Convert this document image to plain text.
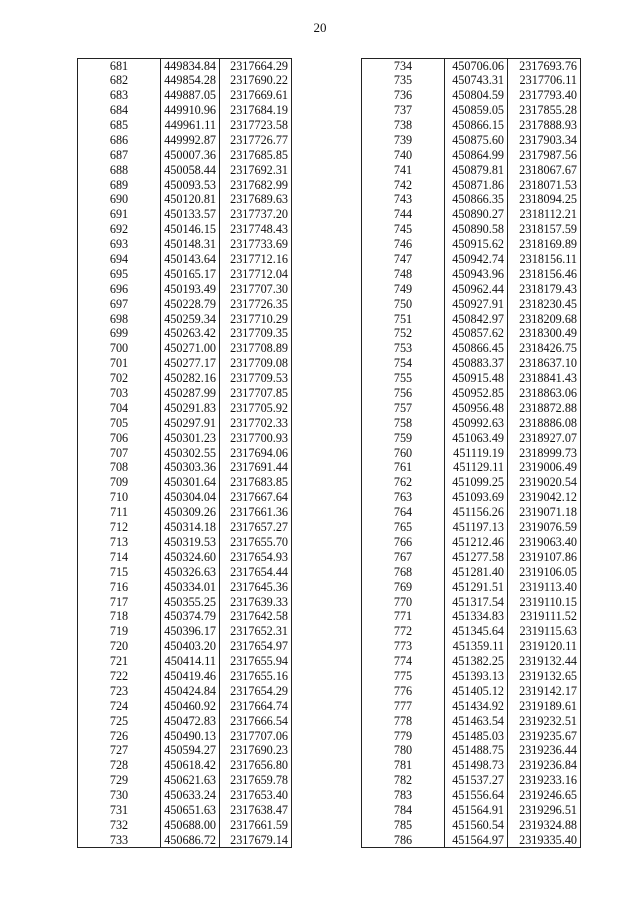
20
681	449834.84	2317664.29
682	449854.28	2317690.22
683	449887.05	2317669.61
684	449910.96	2317684.19
685	449961.11	2317723.58
686	449992.87	2317726.77
687	450007.36	2317685.85
688	450058.44	2317692.31
689	450093.53	2317682.99
690	450120.81	2317689.63
691	450133.57	2317737.20
692	450146.15	2317748.43
693	450148.31	2317733.69
694	450143.64	2317712.16
695	450165.17	2317712.04
696	450193.49	2317707.30
697	450228.79	2317726.35
698	450259.34	2317710.29
699	450263.42	2317709.35
700	450271.00	2317708.89
701	450277.17	2317709.08
702	450282.16	2317709.53
703	450287.99	2317707.85
704	450291.83	2317705.92
705	450297.91	2317702.33
706	450301.23	2317700.93
707	450302.55	2317694.06
708	450303.36	2317691.44
709	450301.64	2317683.85
710	450304.04	2317667.64
711	450309.26	2317661.36
712	450314.18	2317657.27
713	450319.53	2317655.70
714	450324.60	2317654.93
715	450326.63	2317654.44
716	450334.01	2317645.36
717	450355.25	2317639.33
718	450374.79	2317642.58
719	450396.17	2317652.31
720	450403.20	2317654.97
721	450414.11	2317655.94
722	450419.46	2317655.16
723	450424.84	2317654.29
724	450460.92	2317664.74
725	450472.83	2317666.54
726	450490.13	2317707.06
727	450594.27	2317690.23
728	450618.42	2317656.80
729	450621.63	2317659.78
730	450633.24	2317653.40
731	450651.63	2317638.47
732	450688.00	2317661.59
733	450686.72	2317679.14
734	450706.06	2317693.76
735	450743.31	2317706.11
736	450804.59	2317793.40
737	450859.05	2317855.28
738	450866.15	2317888.93
739	450875.60	2317903.34
740	450864.99	2317987.56
741	450879.81	2318067.67
742	450871.86	2318071.53
743	450866.35	2318094.25
744	450890.27	2318112.21
745	450890.58	2318157.59
746	450915.62	2318169.89
747	450942.74	2318156.11
748	450943.96	2318156.46
749	450962.44	2318179.43
750	450927.91	2318230.45
751	450842.97	2318209.68
752	450857.62	2318300.49
753	450866.45	2318426.75
754	450883.37	2318637.10
755	450915.48	2318841.43
756	450952.85	2318863.06
757	450956.48	2318872.88
758	450992.63	2318886.08
759	451063.49	2318927.07
760	451119.19	2318999.73
761	451129.11	2319006.49
762	451099.25	2319020.54
763	451093.69	2319042.12
764	451156.26	2319071.18
765	451197.13	2319076.59
766	451212.46	2319063.40
767	451277.58	2319107.86
768	451281.40	2319106.05
769	451291.51	2319113.40
770	451317.54	2319110.15
771	451334.83	2319111.52
772	451345.64	2319115.63
773	451359.11	2319120.11
774	451382.25	2319132.44
775	451393.13	2319132.65
776	451405.12	2319142.17
777	451434.92	2319189.61
778	451463.54	2319232.51
779	451485.03	2319235.67
780	451488.75	2319236.44
781	451498.73	2319236.84
782	451537.27	2319233.16
783	451556.64	2319246.65
784	451564.91	2319296.51
785	451560.54	2319324.88
786	451564.97	2319335.40
